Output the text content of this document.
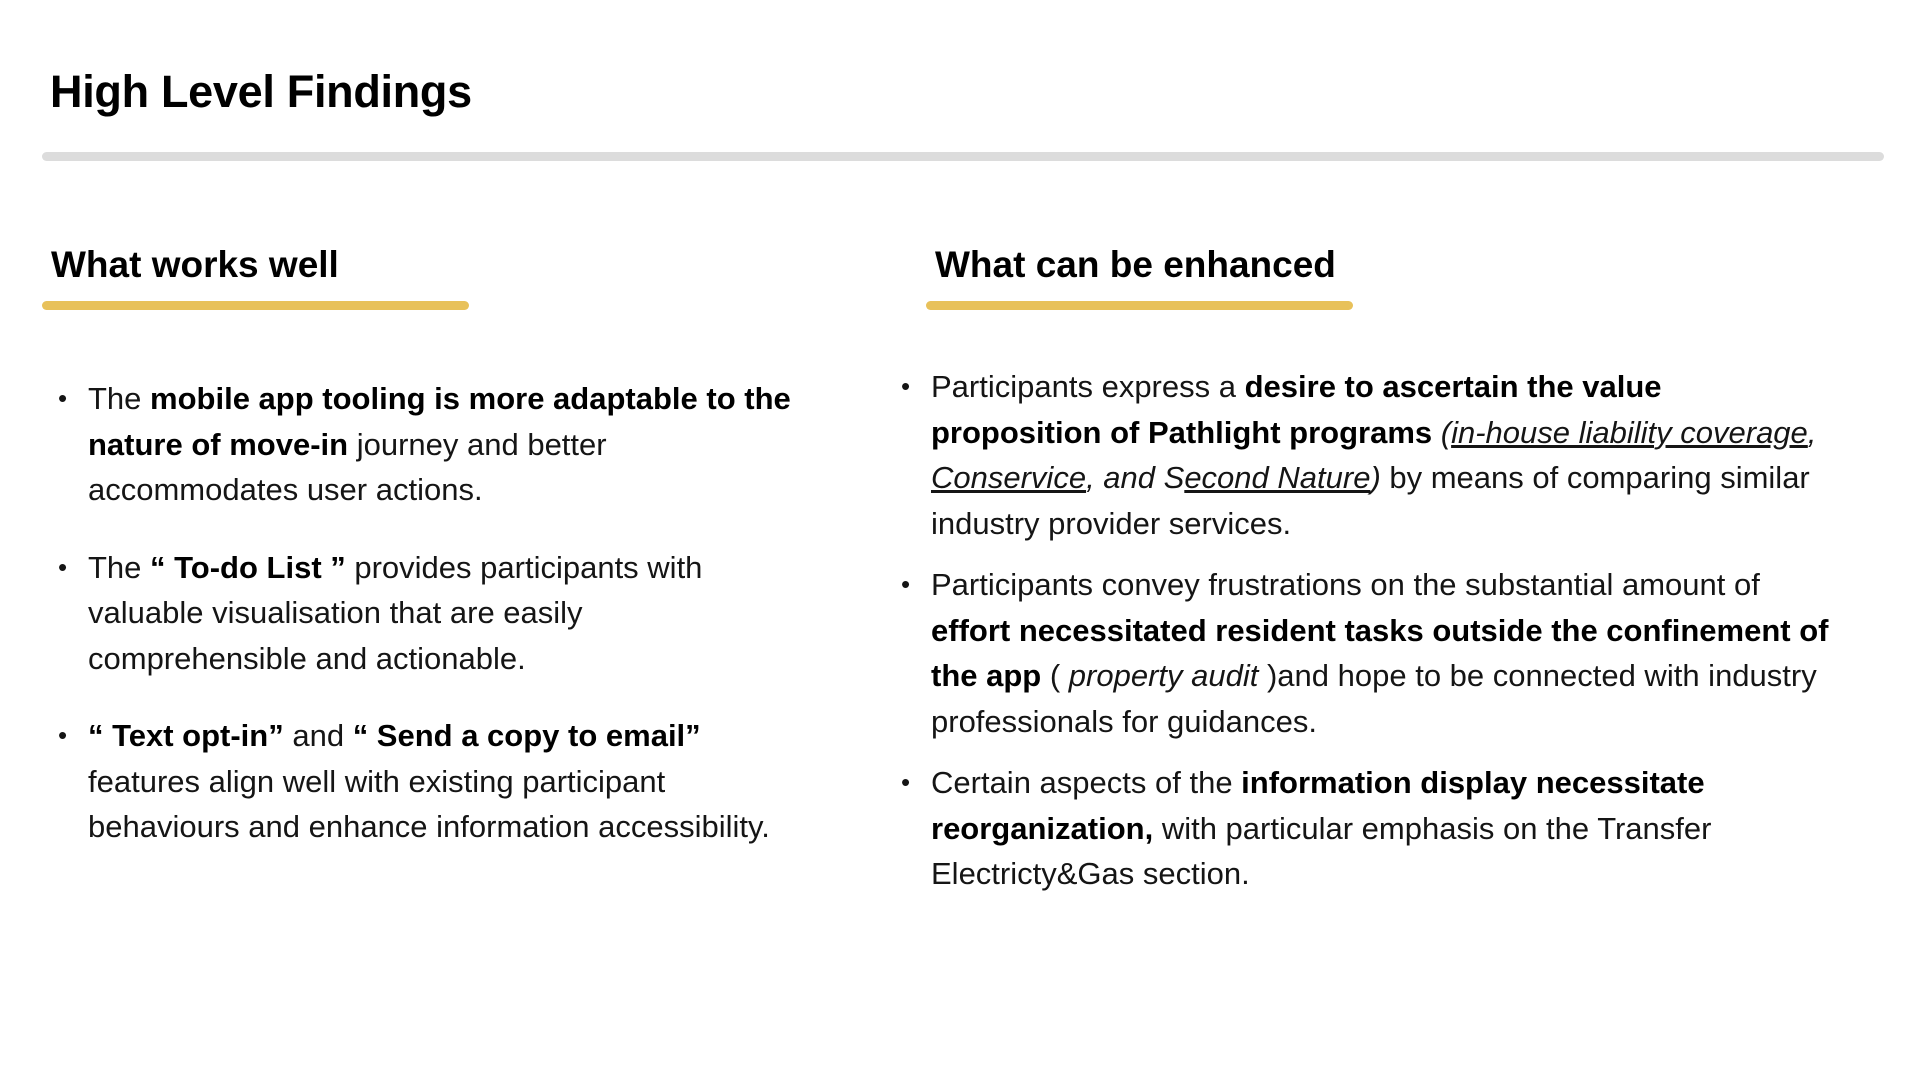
High Level Findings
What works well
• The mobile app tooling is more adaptable to the nature of move-in journey and better accommodates user actions.
• The “ To-do List ” provides participants with valuable visualisation that are easily comprehensible and actionable.
• “ Text opt-in” and “ Send a copy to email” features align well with existing participant behaviours and enhance information accessibility.
What can be enhanced
• Participants express a desire to ascertain the value proposition of Pathlight programs (in-house liability coverage, Conservice, and Second Nature) by means of comparing similar industry provider services.
• Participants convey frustrations on the substantial amount of effort necessitated resident tasks outside the confinement of the app ( property audit )and hope to be connected with industry professionals for guidances.
• Certain aspects of the information display necessitate reorganization, with particular emphasis on the Transfer Electricty&Gas section.
